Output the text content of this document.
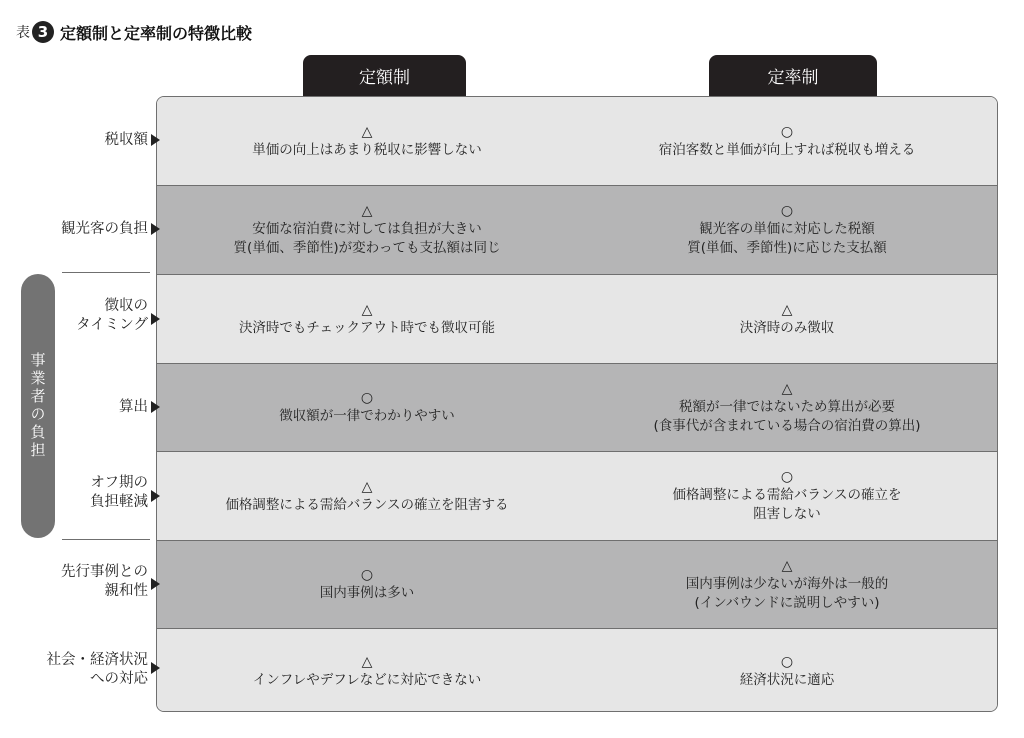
表 3 定額制と定率制の特徴比較
定額制	定率制
事業者の負担
△
単価の向上はあまり税収に影響しない
○
宿泊客数と単価が向上すれば税収も増える
△
安価な宿泊費に対しては負担が大きい
質(単価、季節性)が変わっても支払額は同じ
○
観光客の単価に対応した税額
質(単価、季節性)に応じた支払額
△
決済時でもチェックアウト時でも徴収可能
△
決済時のみ徴収
○
徴収額が一律でわかりやすい
△
税額が一律ではないため算出が必要
(食事代が含まれている場合の宿泊費の算出)
△
価格調整による需給バランスの確立を阻害する
○
価格調整による需給バランスの確立を
阻害しない
○
国内事例は多い
△
国内事例は少ないが海外は一般的
(インバウンドに説明しやすい)
△
インフレやデフレなどに対応できない
○
経済状況に適応
税収額
観光客の負担
徴収の
タイミング
算出
オフ期の
負担軽減
先行事例との
親和性
社会・経済状況
への対応
